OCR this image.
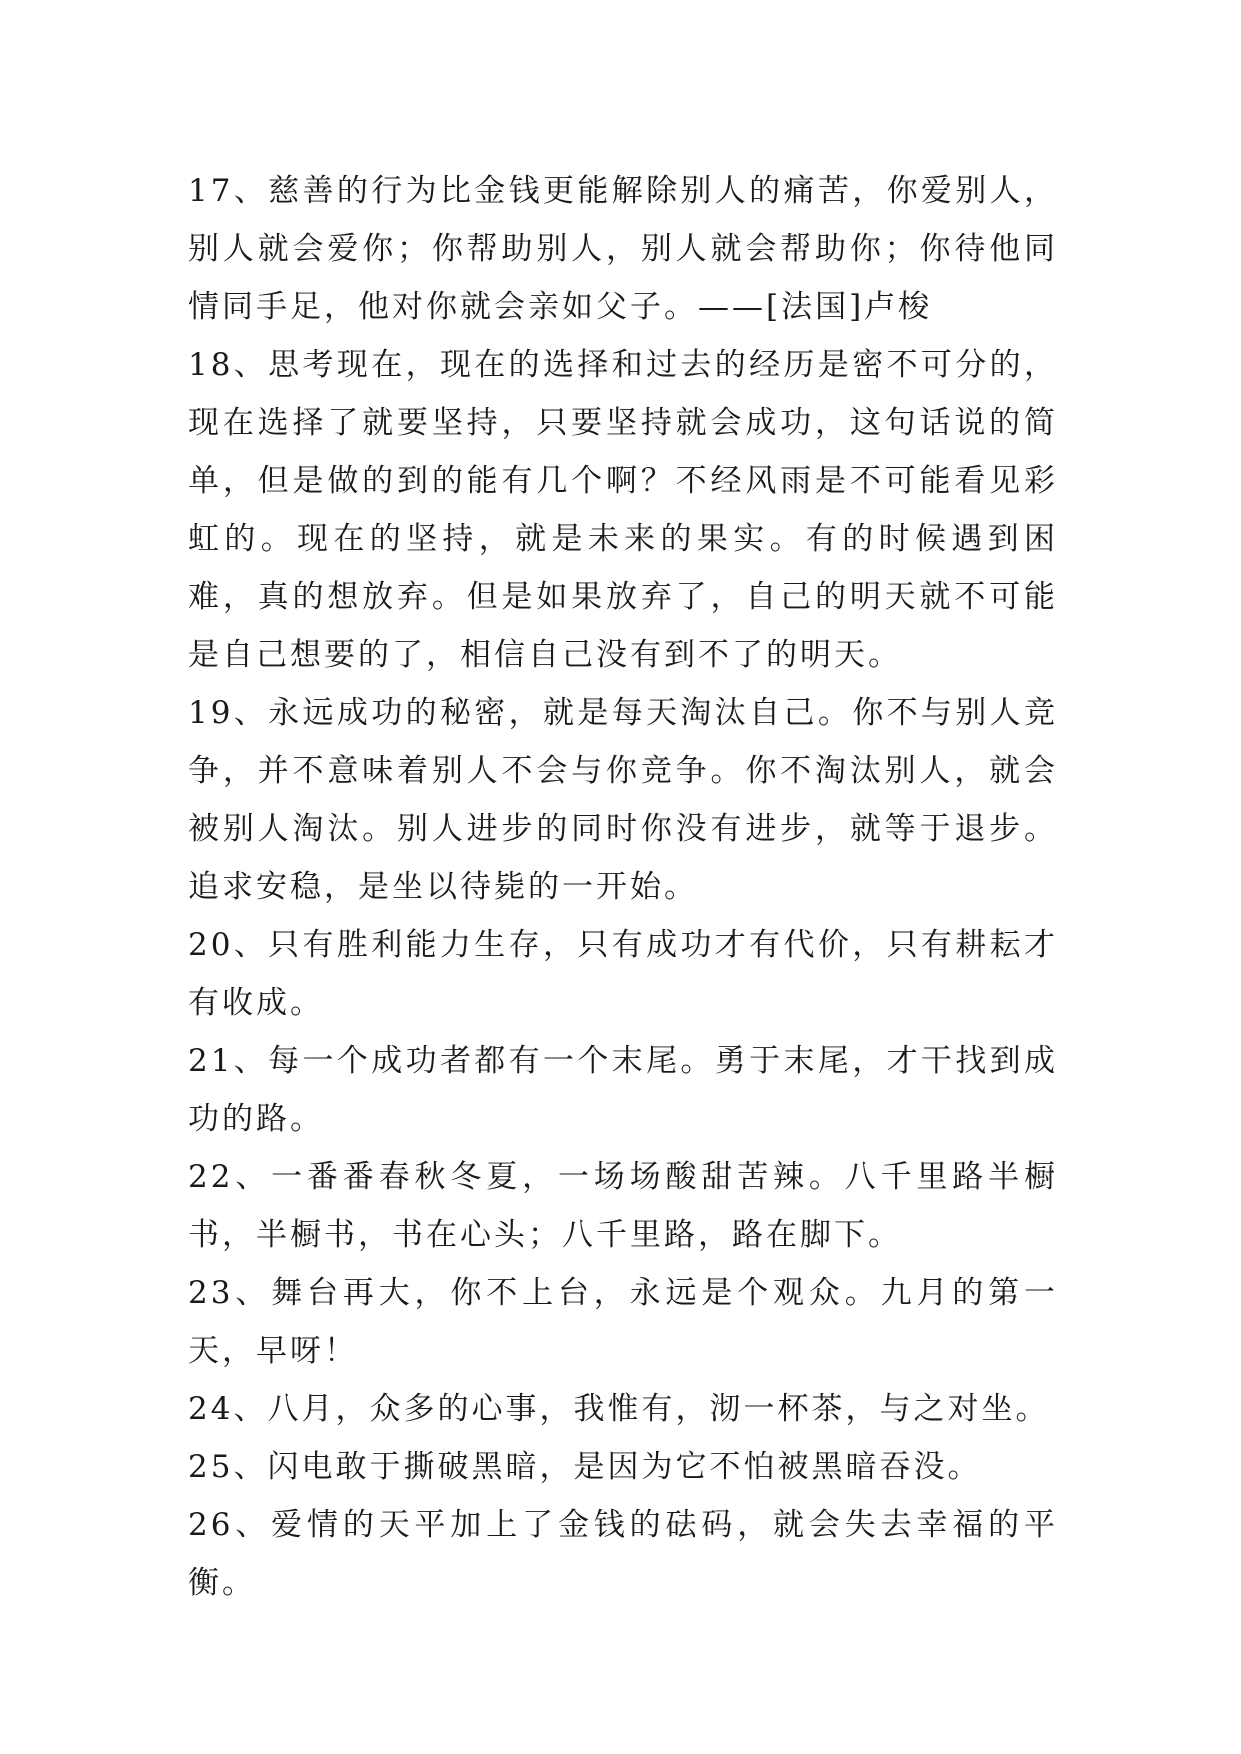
17、慈善的行为比金钱更能解除别人的痛苦，你爱别人，别人就会爱你；你帮助别人，别人就会帮助你；你待他同情同手足，他对你就会亲如父子。——[法国]卢梭

18、思考现在，现在的选择和过去的经历是密不可分的，现在选择了就要坚持，只要坚持就会成功，这句话说的简单，但是做的到的能有几个啊？不经风雨是不可能看见彩虹的。现在的坚持，就是未来的果实。有的时候遇到困难，真的想放弃。但是如果放弃了，自己的明天就不可能是自己想要的了，相信自己没有到不了的明天。

19、永远成功的秘密，就是每天淘汰自己。你不与别人竞争，并不意味着别人不会与你竞争。你不淘汰别人，就会被别人淘汰。别人进步的同时你没有进步，就等于退步。追求安稳，是坐以待毙的一开始。

20、只有胜利能力生存，只有成功才有代价，只有耕耘才有收成。

21、每一个成功者都有一个末尾。勇于末尾，才干找到成功的路。

22、一番番春秋冬夏，一场场酸甜苦辣。八千里路半橱书，半橱书，书在心头；八千里路，路在脚下。

23、舞台再大，你不上台，永远是个观众。九月的第一天，早呀！

24、八月，众多的心事，我惟有，沏一杯茶，与之对坐。

25、闪电敢于撕破黑暗，是因为它不怕被黑暗吞没。

26、爱情的天平加上了金钱的砝码，就会失去幸福的平衡。
